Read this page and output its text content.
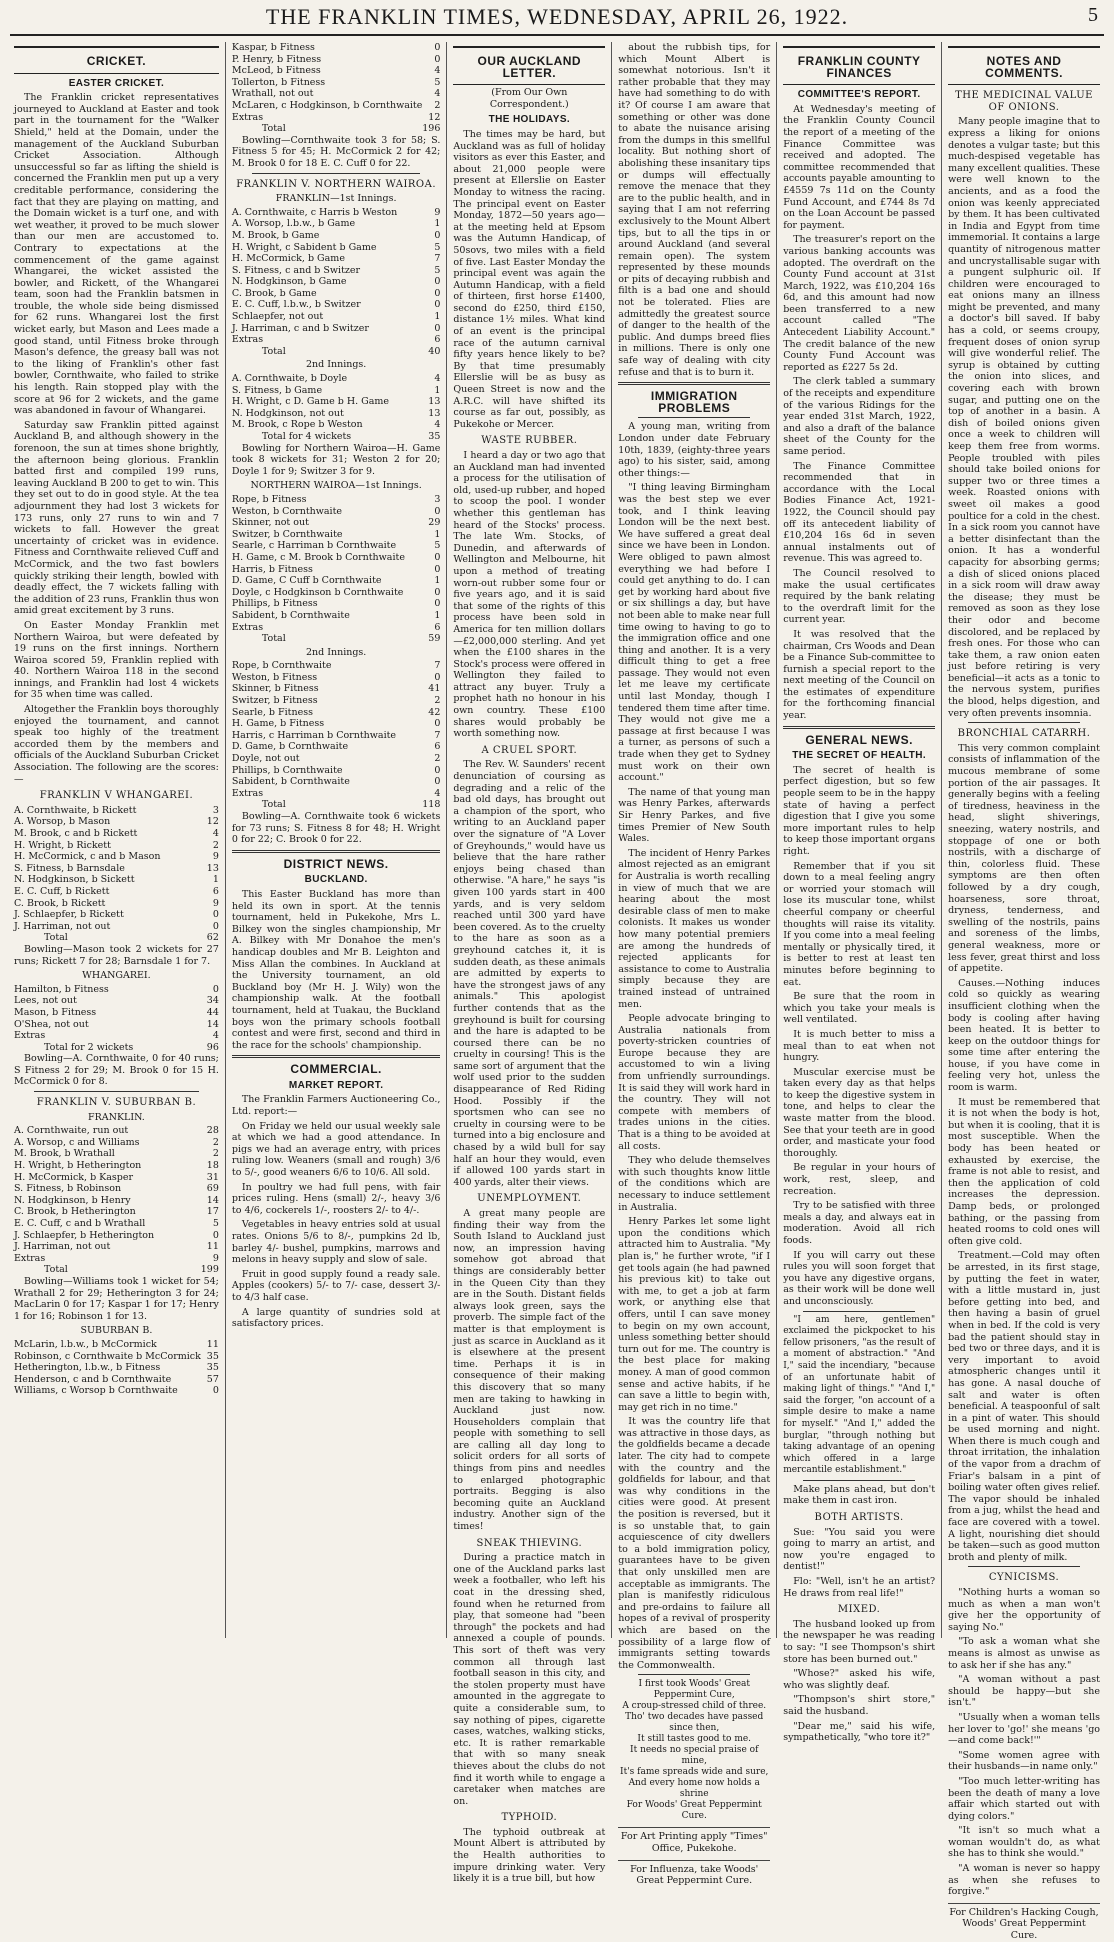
THE FRANKLIN TIMES, WEDNESDAY, APRIL 26, 1922.	5
CRICKET.
EASTER CRICKET.

The Franklin cricket representatives journeyed to Auckland at Easter and took part in the tournament for the "Walker Shield," held at the Domain, under the management of the Auckland Suburban Cricket Association. Although unsuccessful so far as lifting the shield is concerned the Franklin men put up a very creditable performance, considering the fact that they are playing on matting, and the Domain wicket is a turf one, and with wet weather, it proved to be much slower than our men are accustomed to. Contrary to expectations at the commencement of the game against Whangarei, the wicket assisted the bowler, and Rickett, of the Whangarei team, soon had the Franklin batsmen in trouble, the whole side being dismissed for 62 runs. Whangarei lost the first wicket early, but Mason and Lees made a good stand, until Fitness broke through Mason's defence, the greasy ball was not to the liking of Franklin's other fast bowler, Cornthwaite, who failed to strike his length. Rain stopped play with the score at 96 for 2 wickets, and the game was abandoned in favour of Whangarei.

Saturday saw Franklin pitted against Auckland B, and although showery in the forenoon, the sun at times shone brightly, the afternoon being glorious. Franklin batted first and compiled 199 runs, leaving Auckland B 200 to get to win. This they set out to do in good style. At the tea adjournment they had lost 3 wickets for 173 runs, only 27 runs to win and 7 wickets to fall. However the great uncertainty of cricket was in evidence. Fitness and Cornthwaite relieved Cuff and McCormick, and the two fast bowlers quickly striking their length, bowled with deadly effect, the 7 wickets falling with the addition of 23 runs, Franklin thus won amid great excitement by 3 runs.

On Easter Monday Franklin met Northern Wairoa, but were defeated by 19 runs on the first innings. Northern Wairoa scored 59, Franklin replied with 40. Northern Wairoa 118 in the second innings, and Franklin had lost 4 wickets for 35 when time was called.

Altogether the Franklin boys thoroughly enjoyed the tournament, and cannot speak too highly of the treatment accorded them by the members and officials of the Auckland Suburban Cricket Association. The following are the scores:—

FRANKLIN V WHANGAREI.
A. Cornthwaite, b Rickett	3
A. Worsop, b Mason	12
M. Brook, c and b Rickett	4
H. Wright, b Rickett	2
H. McCormick, c and b Mason	9
S. Fitness, b Barnsdale	13
N. Hodgkinson, b Sickett	1
E. C. Cuff, b Rickett	6
C. Brook, b Rickett	9
J. Schlaepfer, b Rickett	0
J. Harriman, not out	0
Total	62

Bowling—Mason took 2 wickets for 27 runs; Rickett 7 for 28; Barnsdale 1 for 7.

WHANGAREI.
Hamilton, b Fitness	0
Lees, not out	34
Mason, b Fitness	44
O'Shea, not out	14
Extras	4
Total for 2 wickets	96

Bowling—A. Cornthwaite, 0 for 40 runs; S Fitness 2 for 29; M. Brook 0 for 15 H. McCormick 0 for 8.

FRANKLIN V. SUBURBAN B.
FRANKLIN.
A. Cornthwaite, run out	28
A. Worsop, c and Williams	2
M. Brook, b Wrathall	2
H. Wright, b Hetherington	18
H. McCormick, b Kasper	31
S. Fitness, b Robinson	69
N. Hodgkinson, b Henry	14
C. Brook, b Hetherington	17
E. C. Cuff, c and b Wrathall	5
J. Schlaepfer, b Hetherington	0
J. Harriman, not out	11
Extras	9
Total	199

Bowling—Williams took 1 wicket for 54; Wrathall 2 for 29; Hetherington 3 for 24; MacLarin 0 for 17; Kaspar 1 for 17; Henry 1 for 16; Robinson 1 for 13.

SUBURBAN B.
McLarin, l.b.w., b McCormick	11
Robinson, c Cornthwaite b McCormick 35
Hetherington, l.b.w., b Fitness	35
Henderson, c and b Cornthwaite	57
Williams, c Worsop b Cornthwaite	0
Kaspar, b Fitness	0
P. Henry, b Fitness	0
McLeod, b Fitness	4
Tollerton, b Fitness	5
Wrathall, not out	4
McLaren, c Hodgkinson, b Cornthwaite	2
Extras	12
Total	196

Bowling—Cornthwaite took 3 for 58; S. Fitness 5 for 45; H. McCormick 2 for 42; M. Brook 0 for 18 E. C. Cuff 0 for 22.

FRANKLIN V. NORTHERN WAIROA.
FRANKLIN—1st Innings.
A. Cornthwaite, c Harris b Weston	9
A. Worsop, l.b.w., b Game	1
M. Brook, b Game	0
H. Wright, c Sabident b Game	5
H. McCormick, b Game	7
S. Fitness, c and b Switzer	5
N. Hodgkinson, b Game	0
C. Brook, b Game	0
E. C. Cuff, l.b.w., b Switzer	0
Schlaepfer, not out	1
J. Harriman, c and b Switzer	0
Extras	6
Total	40
2nd Innings.
A. Cornthwaite, b Doyle	4
S. Fitness, b Game	1
H. Wright, c D. Game b H. Game	13
N. Hodgkinson, not out	13
M. Brook, c Rope b Weston	4
Total for 4 wickets	35

Bowling for Northern Wairoa—H. Game took 8 wickets for 31; Weston 2 for 20; Doyle 1 for 9; Switzer 3 for 9.

NORTHERN WAIROA—1st Innings.
Rope, b Fitness	3
Weston, b Cornthwaite	0
Skinner, not out	29
Switzer, b Cornthwaite	1
Searle, c Harriman b Cornthwaite	5
H. Game, c M. Brook b Cornthwaite	0
Harris, b Fitness	0
D. Game, C Cuff b Cornthwaite	1
Doyle, c Hodgkinson b Cornthwaite	0
Phillips, b Fitness	0
Sabident, b Cornthwaite	1
Extras	6
Total	59
2nd Innings.
Rope, b Cornthwaite	7
Weston, b Fitness	0
Skinner, b Fitness	41
Switzer, b Fitness	2
Searle, b Fitness	42
H. Game, b Fitness	0
Harris, c Harriman b Cornthwaite	7
D. Game, b Cornthwaite	6
Doyle, not out	2
Phillips, b Cornthwaite	0
Sabident, b Cornthwaite	0
Extras	4
Total	118

Bowling—A. Cornthwaite took 6 wickets for 73 runs; S. Fitness 8 for 48; H. Wright 0 for 22; C. Brook 0 for 22.

DISTRICT NEWS.
BUCKLAND.

This Easter Buckland has more than held its own in sport. At the tennis tournament, held in Pukekohe, Mrs L. Bilkey won the singles championship, Mr A. Bilkey with Mr Donahoe the men's handicap doubles and Mr B. Leighton and Miss Allan the combines. In Auckland at the University tournament, an old Buckland boy (Mr H. J. Wily) won the championship walk. At the football tournament, held at Tuakau, the Buckland boys won the primary schools football contest and were first, second and third in the race for the schools' championship.

COMMERCIAL.
MARKET REPORT.

The Franklin Farmers Auctioneering Co., Ltd. report:—

On Friday we held our usual weekly sale at which we had a good attendance. In pigs we had an average entry, with prices ruling low. Weaners (small and rough) 3/6 to 5/-, good weaners 6/6 to 10/6. All sold.

In poultry we had full pens, with fair prices ruling. Hens (small) 2/-, heavy 3/6 to 4/6, cockerels 1/-, roosters 2/- to 4/-.

Vegetables in heavy entries sold at usual rates. Onions 5/6 to 8/-, pumpkins 2d lb, barley 4/- bushel, pumpkins, marrows and melons in heavy supply and slow of sale.

Fruit in good supply found a ready sale. Apples (cookers) 5/- to 7/- case, dessert 3/- to 4/3 half case.

A large quantity of sundries sold at satisfactory prices.

OUR AUCKLAND LETTER.
(From Our Own Correspondent.)
THE HOLIDAYS.

The times may be hard, but Auckland was as full of holiday visitors as ever this Easter, and about 21,000 people were present at Ellerslie on Easter Monday to witness the racing. The principal event on Easter Monday, 1872—50 years ago—at the meeting held at Epsom was the Autumn Handicap, of 50sovs, two miles with a field of five. Last Easter Monday the principal event was again the Autumn Handicap, with a field of thirteen, first horse £1400, second do £250, third £150, distance 1½ miles. What kind of an event is the principal race of the autumn carnival fifty years hence likely to be? By that time presumably Ellerslie will be as busy as Queen Street is now and the A.R.C. will have shifted its course as far out, possibly, as Pukekohe or Mercer.

WASTE RUBBER.

I heard a day or two ago that an Auckland man had invented a process for the utilisation of old, used-up rubber, and hoped to scoop the pool. I wonder whether this gentleman has heard of the Stocks' process. The late Wm. Stocks, of Dunedin, and afterwards of Wellington and Melbourne, hit upon a method of treating worn-out rubber some four or five years ago, and it is said that some of the rights of this process have been sold in America for ten million dollars—£2,000,000 sterling. And yet when the £100 shares in the Stock's process were offered in Wellington they failed to attract any buyer. Truly a prophet hath no honour in his own country. These £100 shares would probably be worth something now.

A CRUEL SPORT.

The Rev. W. Saunders' recent denunciation of coursing as degrading and a relic of the bad old days, has brought out a champion of the sport, who writing to an Auckland paper over the signature of "A Lover of Greyhounds," would have us believe that the hare rather enjoys being chased than otherwise. "A hare," he says "is given 100 yards start in 400 yards, and is very seldom reached until 300 yard have been covered. As to the cruelty to the hare as soon as a greyhound catches it, it is sudden death, as these animals are admitted by experts to have the strongest jaws of any animals." This apologist further contends that as the greyhound is built for coursing and the hare is adapted to be coursed there can be no cruelty in coursing! This is the same sort of argument that the wolf used prior to the sudden disappearance of Red Riding Hood. Possibly if the sportsmen who can see no cruelty in coursing were to be turned into a big enclosure and chased by a wild bull for say half an hour they would, even if allowed 100 yards start in 400 yards, alter their views.

UNEMPLOYMENT.

A great many people are finding their way from the South Island to Auckland just now, an impression having somehow got abroad that things are considerably better in the Queen City than they are in the South. Distant fields always look green, says the proverb. The simple fact of the matter is that employment is just as scarce in Auckland as it is elsewhere at the present time. Perhaps it is in consequence of their making this discovery that so many men are taking to hawking in Auckland just now. Householders complain that people with something to sell are calling all day long to solicit orders for all sorts of things from pins and needles to enlarged photographic portraits. Begging is also becoming quite an Auckland industry. Another sign of the times!

SNEAK THIEVING.

During a practice match in one of the Auckland parks last week a footballer, who left his coat in the dressing shed, found when he returned from play, that someone had "been through" the pockets and had annexed a couple of pounds. This sort of theft was very common all through last football season in this city, and the stolen property must have amounted in the aggregate to quite a considerable sum, to say nothing of pipes, cigarette cases, watches, walking sticks, etc. It is rather remarkable that with so many sneak thieves about the clubs do not find it worth while to engage a caretaker when matches are on.

TYPHOID.

The typhoid outbreak at Mount Albert is attributed by the Health authorities to impure drinking water. Very likely it is a true bill, but how

about the rubbish tips, for which Mount Albert is somewhat notorious. Isn't it rather probable that they may have had something to do with it? Of course I am aware that something or other was done to abate the nuisance arising from the dumps in this smellful locality. But nothing short of abolishing these insanitary tips or dumps will effectually remove the menace that they are to the public health, and in saying that I am not referring exclusively to the Mount Albert tips, but to all the tips in or around Auckland (and several remain open). The system represented by these mounds or pits of decaying rubbish and filth is a bad one and should not be tolerated. Flies are admittedly the greatest source of danger to the health of the public. And dumps breed flies in millions. There is only one safe way of dealing with city refuse and that is to burn it.

IMMIGRATION PROBLEMS

A young man, writing from London under date February 10th, 1839, (eighty-three years ago) to his sister, said, among other things:—

"I thing leaving Birmingham was the best step we ever took, and I think leaving London will be the next best. We have suffered a great deal since we have been in London. Were obliged to pawn almost everything we had before I could get anything to do. I can get by working hard about five or six shillings a day, but have not been able to make near full time owing to having to go to the immigration office and one thing and another. It is a very difficult thing to get a free passage. They would not even let me leave my certificate until last Monday, though I tendered them time after time. They would not give me a passage at first because I was a turner, as persons of such a trade when they get to Sydney must work on their own account."

The name of that young man was Henry Parkes, afterwards Sir Henry Parkes, and five times Premier of New South Wales.

The incident of Henry Parkes almost rejected as an emigrant for Australia is worth recalling in view of much that we are hearing about the most desirable class of men to make colonists. It makes us wonder how many potential premiers are among the hundreds of rejected applicants for assistance to come to Australia simply because they are trained instead of untrained men.

People advocate bringing to Australia nationals from poverty-stricken countries of Europe because they are accustomed to win a living from unfriendly surroundings. It is said they will work hard in the country. They will not compete with members of trades unions in the cities. That is a thing to be avoided at all costs.

They who delude themselves with such thoughts know little of the conditions which are necessary to induce settlement in Australia.

Henry Parkes let some light upon the conditions which attracted him to Australia. "My plan is," he further wrote, "if I get tools again (he had pawned his previous kit) to take out with me, to get a job at farm work, or anything else that offers, until I can save money to begin on my own account, unless something better should turn out for me. The country is the best place for making money. A man of good common sense and active habits, if he can save a little to begin with, may get rich in no time."

It was the country life that was attractive in those days, as the goldfields became a decade later. The city had to compete with the country and the goldfields for labour, and that was why conditions in the cities were good. At present the position is reversed, but it is so unstable that, to gain acquiescence of city dwellers to a bold immigration policy, guarantees have to be given that only unskilled men are acceptable as immigrants. The plan is manifestly ridiculous and pre-ordains to failure all hopes of a revival of prosperity which are based on the possibility of a large flow of immigrants setting towards the Commonwealth.

I first took Woods' Great Peppermint Cure,
A croup-stressed child of three.
Tho' two decades have passed since then,
It still tastes good to me.
It needs no special praise of mine,
It's fame spreads wide and sure,
And every home now holds a shrine
For Woods' Great Peppermint Cure.
For Art Printing apply "Times" Office, Pukekohe.
For Influenza, take Woods' Great Peppermint Cure.
FRANKLIN COUNTY FINANCES
COMMITTEE'S REPORT.

At Wednesday's meeting of the Franklin County Council the report of a meeting of the Finance Committee was received and adopted. The committee recommended that accounts payable amounting to £4559 7s 11d on the County Fund Account, and £744 8s 7d on the Loan Account be passed for payment.

The treasurer's report on the various banking accounts was adopted. The overdraft on the County Fund account at 31st March, 1922, was £10,204 16s 6d, and this amount had now been transferred to a new account called "The Antecedent Liability Account." The credit balance of the new County Fund Account was reported as £227 5s 2d.

The clerk tabled a summary of the receipts and expenditure of the various Ridings for the year ended 31st March, 1922, and also a draft of the balance sheet of the County for the same period.

The Finance Committee recommended that in accordance with the Local Bodies Finance Act, 1921-1922, the Council should pay off its antecedent liability of £10,204 16s 6d in seven annual instalments out of revenue. This was agreed to.

The Council resolved to make the usual certificates required by the bank relating to the overdraft limit for the current year.

It was resolved that the chairman, Crs Woods and Dean be a Finance Sub-committee to furnish a special report to the next meeting of the Council on the estimates of expenditure for the forthcoming financial year.

GENERAL NEWS.
THE SECRET OF HEALTH.

The secret of health is perfect digestion, but so few people seem to be in the happy state of having a perfect digestion that I give you some more important rules to help to keep those important organs right.

Remember that if you sit down to a meal feeling angry or worried your stomach will lose its muscular tone, whilst cheerful company or cheerful thoughts will raise its vitality. If you come into a meal feeling mentally or physically tired, it is better to rest at least ten minutes before beginning to eat.

Be sure that the room in which you take your meals is well ventilated.

It is much better to miss a meal than to eat when not hungry.

Muscular exercise must be taken every day as that helps to keep the digestive system in tone, and helps to clear the waste matter from the blood. See that your teeth are in good order, and masticate your food thoroughly.

Be regular in your hours of work, rest, sleep, and recreation.

Try to be satisfied with three meals a day, and always eat in moderation. Avoid all rich foods.

If you will carry out these rules you will soon forget that you have any digestive organs, as their work will be done well and unconsciously.

"I am here, gentlemen" exclaimed the pickpocket to his fellow prisoners, "as the result of a moment of abstraction." "And I," said the incendiary, "because of an unfortunate habit of making light of things." "And I," said the forger, "on account of a simple desire to make a name for myself." "And I," added the burglar, "through nothing but taking advantage of an opening which offered in a large mercantile establishment."

Make plans ahead, but don't make them in cast iron.

BOTH ARTISTS.

Sue: "You said you were going to marry an artist, and now you're engaged to dentist!"

Flo: "Well, isn't he an artist? He draws from real life!"

MIXED.

The husband looked up from the newspaper he was reading to say: "I see Thompson's shirt store has been burned out."

"Whose?" asked his wife, who was slightly deaf.

"Thompson's shirt store," said the husband.

"Dear me," said his wife, sympathetically, "who tore it?"

NOTES AND COMMENTS.
THE MEDICINAL VALUE OF ONIONS.

Many people imagine that to express a liking for onions denotes a vulgar taste; but this much-despised vegetable has many excellent qualities. These were well known to the ancients, and as a food the onion was keenly appreciated by them. It has been cultivated in India and Egypt from time immemorial. It contains a large quantity of nitrogenous matter and uncrystallisable sugar with a pungent sulphuric oil. If children were encouraged to eat onions many an illness might be prevented, and many a doctor's bill saved. If baby has a cold, or seems croupy, frequent doses of onion syrup will give wonderful relief. The syrup is obtained by cutting the onion into slices, and covering each with brown sugar, and putting one on the top of another in a basin. A dish of boiled onions given once a week to children will keep them free from worms. People troubled with piles should take boiled onions for supper two or three times a week. Roasted onions with sweet oil makes a good poultice for a cold in the chest. In a sick room you cannot have a better disinfectant than the onion. It has a wonderful capacity for absorbing germs; a dish of sliced onions placed in a sick room will draw away the disease; they must be removed as soon as they lose their odor and become discolored, and be replaced by fresh ones. For those who can take them, a raw onion eaten just before retiring is very beneficial—it acts as a tonic to the nervous system, purifies the blood, helps digestion, and very often prevents insomnia.

BRONCHIAL CATARRH.

This very common complaint consists of inflammation of the mucous membrane of some portion of the air passages. It generally begins with a feeling of tiredness, heaviness in the head, slight shiverings, sneezing, watery nostrils, and stoppage of one or both nostrils, with a discharge of thin, colorless fluid. These symptoms are then often followed by a dry cough, hoarseness, sore throat, dryness, tenderness, and swelling of the nostrils, pains and soreness of the limbs, general weakness, more or less fever, great thirst and loss of appetite.

Causes.—Nothing induces cold so quickly as wearing insufficient clothing when the body is cooling after having been heated. It is better to keep on the outdoor things for some time after entering the house, if you have come in feeling very hot, unless the room is warm.

It must be remembered that it is not when the body is hot, but when it is cooling, that it is most susceptible. When the body has been heated or exhausted by exercise, the frame is not able to resist, and then the application of cold increases the depression. Damp beds, or prolonged bathing, or the passing from heated rooms to cold ones will often give cold.

Treatment.—Cold may often be arrested, in its first stage, by putting the feet in water, with a little mustard in, just before getting into bed, and then having a basin of gruel when in bed. If the cold is very bad the patient should stay in bed two or three days, and it is very important to avoid atmospheric changes until it has gone. A nasal douche of salt and water is often beneficial. A teaspoonful of salt in a pint of water. This should be used morning and night. When there is much cough and throat irritation, the inhalation of the vapor from a drachm of Friar's balsam in a pint of boiling water often gives relief. The vapor should be inhaled from a jug, whilst the head and face are covered with a towel. A light, nourishing diet should be taken—such as good mutton broth and plenty of milk.

CYNICISMS.

"Nothing hurts a woman so much as when a man won't give her the opportunity of saying No."

"To ask a woman what she means is almost as unwise as to ask her if she has any."

"A woman without a past should be happy—but she isn't."

"Usually when a woman tells her lover to 'go!' she means 'go—and come back!'"

"Some women agree with their husbands—in name only."

"Too much letter-writing has been the death of many a love affair which started out with dying colors."

"It isn't so much what a woman wouldn't do, as what she has to think she would."

"A woman is never so happy as when she refuses to forgive."

For Children's Hacking Cough, Woods' Great Peppermint Cure.
